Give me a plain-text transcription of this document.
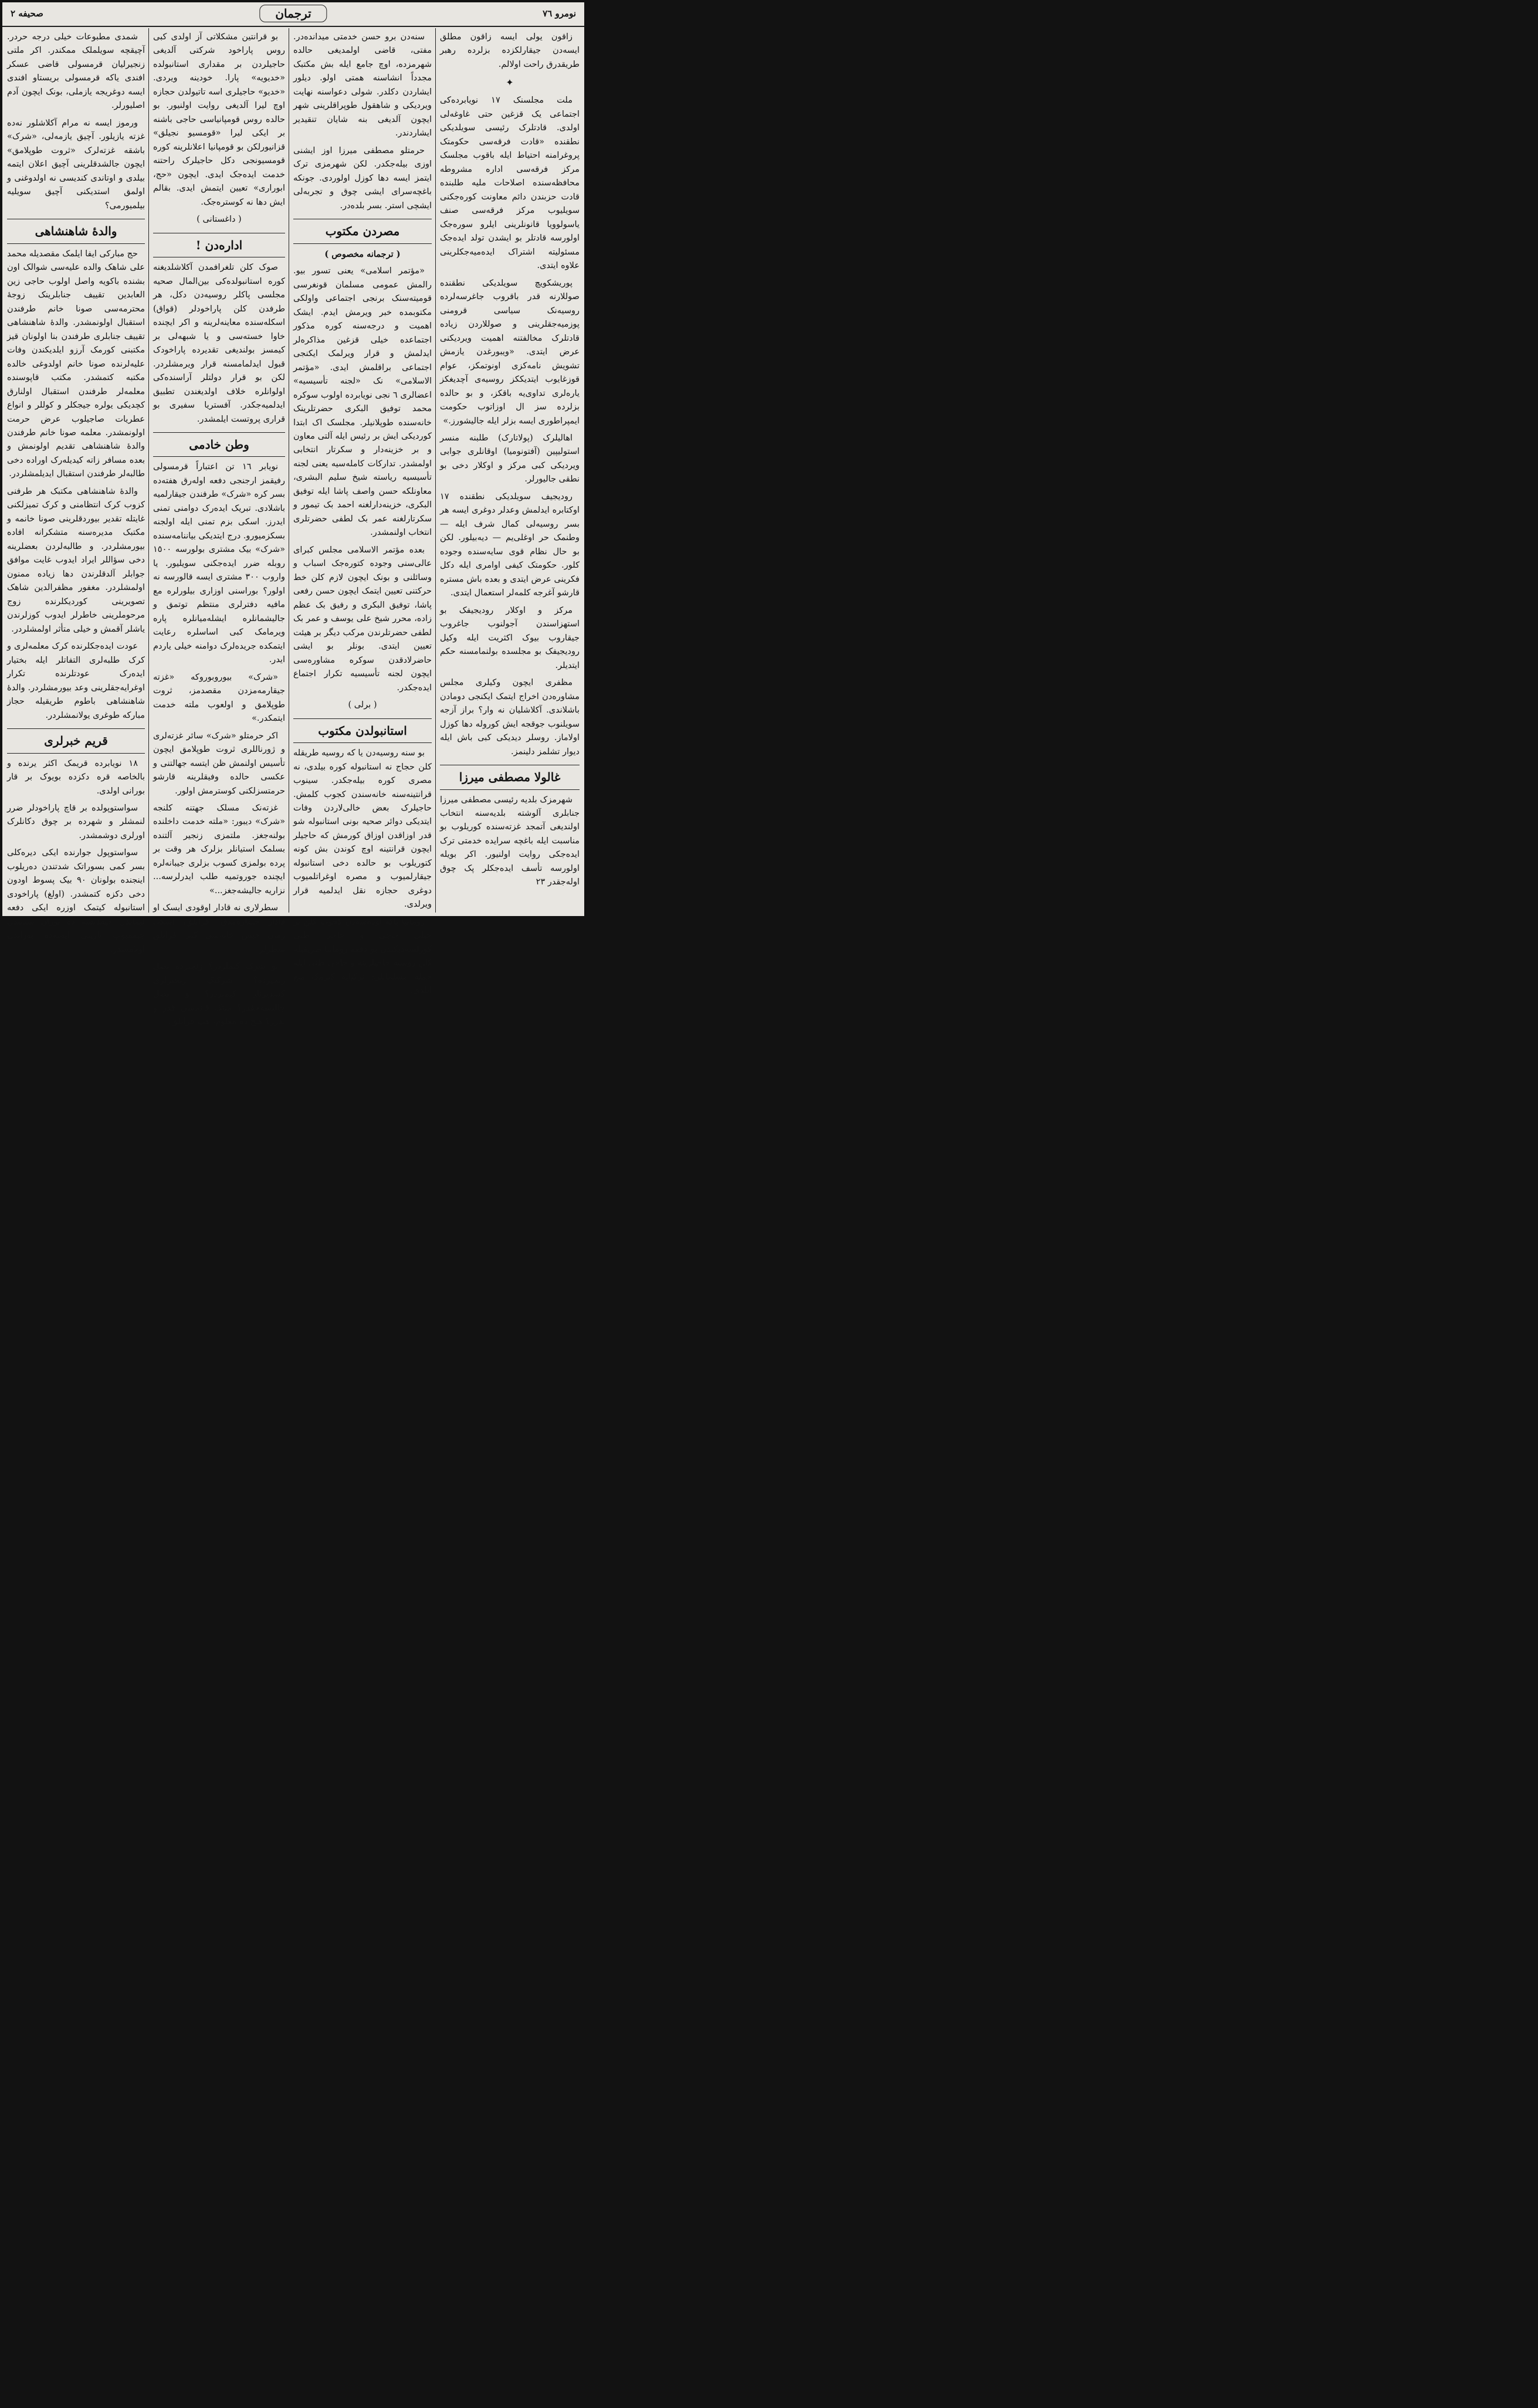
نومرو ٧٦
ترجمان
صحیفه ٢

زاقون یولی ایسه زاقون مطلق ایسه‌دن جیقارلکزده بزلرده رهبر طریقدرق راحت اولالم.

✦

ملت مجلسنک ١٧ نویابرده‌کی اجتماعی یک قزغین حتی غاوغه‌لی اولدی. قادتلرک رئیسی سویلدیکی نطقنده «قادت فرقه‌سی حکومتک پروغرامنه احتیاط ایله باقوب مجلسک مرکز فرقه‌سی اداره مشروطه محافظه‌سنده اصلاحات ملیه طلبنده قادت حزبندن دائم معاونت کوره‌جکنی سویلیوب مرکز فرقه‌سی صنف یاسولوویا قانونلرینی ایلرو سوره‌جک اولورسه قادتلر بو ایشدن تولد ایده‌جک مسئولیته اشتراک ایده‌میه‌جکلرینی علاوه ایتدی.

پوریشکویچ سویلدیکی نطقنده صوللارنه قدر باقروب جاغرسه‌لرده روسیه‌نک سیاسی قرومنی پوزمیه‌جقلرینی و صوللاردن زیاده قادتلرک مخالفتنه اهمیت ویردیکنی عرض ایتدی. «ویبورغدن یازمش تشویش نامه‌کزی اونوتمکز، عوام قوزغایوب ایتدیککز روسیه‌ی آچدیغکز یاره‌لری تداوی‌یه باقکز، و بو حالده بزلرده سز ال اوزاتوب حکومت ایمپراطوری ایسه بزلر ایله جالیشورز.»

اهالیلرک (پولاتارک) طلبنه منسر استولیپین (آفتونومیا) اوقانلری جوابی ویردیکی کبی مرکز و اوکلار دخی بو نطقی جالیورلر.

رودیجیف سویلدیکی نطقنده ١٧ اوکتابره ایدلمش وعدلر دوغری ایسه هر بسر روسیه‌لی کمال شرف ایله — وطنمک حر اوغلی‌یم — دیه‌بیلور. لکن بو حال نظام قوی سایه‌سنده وجوده کلور. حکومتک کیفی اوامری ایله دکل فکرینی عرض ایتدی و بعده باش مستره قارشو آغرجه کلمه‌لر استعمال ایتدی.

مرکز و اوکلار رودیجیفک بو استهزاسندن آجولنوب جاغروب جیقاروب بیوک اکثریت ایله وکیل رودیجیفک بو مجلسده بولنمامسنه حکم ایتدیلر.

مظفری ایچون وکیلری مجلس مشاوره‌دن اخراج ایتمک ایکنجی دومادن باشلاندی. آکلاشلیان نه وار؟ براز آزجه سویلنوب جوقجه ایش کوروله دها کوزل اولاماز. روسلر دیدیکی کبی باش ایله دیوار تشلمز دلینمز.

غالولا مصطفی میرزا

شهرمزک بلدیه رئیسی مصطفی میرزا جنابلری آلوشته بلدیه‌سنه انتخاب اولندیغی آتمجد غزته‌سنده کوریلوب بو مناسبت ایله باغچه سرایده خدمتی ترک ایده‌جکی روایت اولنیور. اکر بویله اولورسه تأسف ایده‌جکلر پک چوق اوله‌جقدر ٢٣

سنه‌دن برو حسن خدمتی میداندەدر. مفتی، قاضی اولمدیغی حالده شهرمزده، اوچ جامع ایله بش مکتبک مجدداً انشاسنه همتی اولو. دیلور ایشاردن دکلدر. شولی دعواسنه نهایت ویردیکی و شاهقول طوپراقلرینی شهر ایچون آلدیغی بنه شایان تنقیدیر ایشاردندر.

حرمتلو مصطفی میرزا اوز ایشنی اوزی بیله‌جکدر. لکن شهرمزی ترک ایتمز ایسه دها کوزل اولوردی. جونکه باغچه‌سرای ایشی چوق و تجربه‌لی ایشچی استر. بسر بلده‌در.

مصردن مکتوب
( ترجمانه مخصوص )

«مؤتمر اسلامی» یعنی تسور بیو. رالمش عمومی مسلمان قونغرسی قومیته‌سنک برنجی اجتماعی واولکی مکتوبمده خبر ویرمش ایدم. ایشک اهمیت و درجه‌سنه کوره مذکور اجتماعده خیلی قزغین مذاکره‌لر ایدلمش و قرار ویرلمک ایکنجی اجتماعی براقلمش ایدی. «مؤتمر الاسلامی» نک «لجنه تأسیسیه» اعضالری ٦ نجی نویابرده اولوب سوکره محمد توفیق البکری حضرتلرینک خانه‌سنده طوپلانیلر. مجلسک اک ابتدا کوردیکی ایش بر رئیس ایله آلتی معاون و بر خزینه‌دار و سکرتار انتخابی اولمشدر. تدارکات کامله‌سیه یعنی لجنه تأسیسیه ریاسته شیخ سلیم البشری، معاونلکه حسن واصف پاشا ایله توفیق البکری، خزینه‌دارلغنه احمد بک تیمور و سکرتارلغنه عمر بک لطفی حضرتلری انتخاب اولنمشدر.

بعده مؤتمر الاسلامی مجلس کبرای عالی‌سنی وجوده کتوره‌جک اسباب و وسائلنی و بونک ایچون لازم کلن خط حرکتنی تعیین ایتمک ایچون حسن رفعی پاشا، توفیق البکری و رفیق بک عظم زاده، محرر شیخ علی یوسف و عمر بک لطفی حضرتلرندن مرکب دیگر بر هیئت تعیین ایتدی. بونلر بو ایشی حاضرلادقدن سوکره مشاوره‌سی ایچون لجنه تأسیسیه تکرار اجتماع ایده‌جکدر.

( برلی )
استانبولدن مکتوب

بو سنه روسیه‌دن یا که روسیه طریقله کلن حجاج نه استانبوله کوره بیلدی، نه مصری کوره بیله‌جکدر. سینوب قرانتینه‌سنه خانه‌سندن کجوب کلمش. حاجیلرک بعض خالی‌لاردن وفات ایتدیکی دوائر صحیه بونی استانبوله شو قدر اوزاقدن اوزاق کورمش که حاجیلر ایچون قرانتینه اوچ کوندن بش کونه کتوریلوب بو حالده دخی استانبوله جیقارلمیوب و مصره اوغراتلمیوب دوغری حجازه نقل ایدلمیه قرار ویرلدی.

رومانیا یاکه آوده‌سه‌دن کجوب کلن بر خیلی حاجی و حاجی ظنی کورلسه‌دیکندن بو دفعه رومانیا طریقیله کلن روسیه حاجیلرینه و حاجی ظنی ایله جمله مسلمانلره ترکیایه کیرمک منع ایلدی.

بو قرانتین مشکلاتی آز اولدی کبی روس پاراخود شرکتی آلدیغی حاجیلردن بر مقداری استانبولده «خدیویه» پارا. خودینه ویردی. «خدیو» حاجیلری اسه تاتیولدن حجازه اوچ لیرا آلدیغی روایت اولنیور. بو حالده روس قومپانیاسی حاجی باشنه بر ایکی لیرا «قومسیو نجیلق» قزانیورلکن بو قومپانیا اعلانلرینه کوره قومسیونجی دکل حاجیلرک راحتنه خدمت ایده‌جک ایدی. ایچون «حج، ابوراری» تعیین ایتمش ایدی. بقالم ایش دها نه کوستره‌جک.

( داغستانی )
اداره‌دن !

صوک کلن تلغرافمدن آکلاشلدیغنه کوره استانبولده‌کی بین‌المال صحیه مجلسی پاکلر روسیه‌دن دکل، هر طرفدن کلن پاراخودلر (قواق) اسکله‌سنده معاینه‌لرینه و اکر ایچنده خاوا خسته‌سی و یا شبهه‌لی بر کیمسز بولندیغی تقدیرده پاراخودک قبول ایدلمامسنه قرار ویرمشلردر. لکن بو قرار دولتلر آراسنده‌کی اولوانلره خلاف اولدیغندن تطبیق ایدلمیه‌جکدر. آفستریا سفیری بو قراری پروتست ایلمشدر.

وطن خادمی

نویابر ١٦ تن اعتباراً قرمسولی رفیقمز ارجنجی دفعه اولەرق هفته‌ده بسر کره «شرک» طرفندن جیقارلمیه باشلادی. تبریک ایدەرک دوامنی تمنی ایدرز. اسکی بزم تمنی ایله اولجنه بسکزمیورو. درج ایتدیکی بیاننامه‌سنده «شرک» بیک مشتری بولورسه ١٥٠٠ روبله ضرر ایده‌جکنی سویلیور. یا واروب ٣٠٠ مشتری ایسه قالورسه نه اولور؟ بوراسنی اوزاری بیلورلره مع مافیه دفترلری منتظم توتمق و جالیشمانلره ایشله‌میانلره پاره ویرمامک کبی اساسلره رعایت ایتمکده جریده‌لرک دوامنه خیلی یاردم ایدر.

«شرک» بیوروبوروکه «غزته جیقارمه‌مزدن مقصدمز، ثروت طوپلامق و اولعوب ملته خدمت ایتمکدر.»

اکر حرمتلو «شرک» سائر غزته‌لری و ژورناللری ثروت طوپلامق ایچون تأسیس اولنمش ظن ایتسه جهالتنی و عکسی حالده وفیقلرینه قارشو حرمتسزلکنی کوسترمش اولور.

غزته‌نک مسلک جهتنه کلنجه «شرک» دیبور: «ملته خدمت داخلنده بولنه‌جغز. ملتمزی زنجیر آلتنده بسلمک استیانلر بزلرک هر وقت بر پرده بولمزی کسوب بزلری جیبانه‌لره ایچنده جوروتمیه طلب ایدرلرسه... نزاریه جالیشه‌جغز...»

سطرلاری نه قادار اوقودی ایسک او قادار جیقارەمدق. قرانلق، اسکی زمان حبس خانه‌سی کبی قرانلق سطرلر.

بو شرک کیملردر؟ زنجیرده نصل زنجیرده؟ شرکتک زنجیرلری کسدیرنلر کیملردر؟ و نصل جالیشه‌جقدر؟ ملتک قانمسی قدر و ندرر؟ هیچ ده معلوم، هپ قرانلق.

شمدی مطبوعات خیلی درجه حردر. آچیقچه سویلملک ممکندر. اکر ملتی زنجیرلیان قرمسولی قاضی عسکر افندی یاکه قرمسولی بریستاو افندی ایسه دوغریجه یازملی، بونک ایچون آدم اصلیورلر.

ورموز ایسه نه مرام آکلاشلور نه‌ده غزته یازیلور. آچیق یازمه‌لی، «شرک» باشقه غزته‌لرک «ثروت طوپلامق» ایچون جالشدقلرینی آچیق اعلان ایتمه بیلدی و اوتاندی کندیسی نه اولدوغنی و اولمق استدیکنی آچیق سویلیه بیلمیورمی؟

والدۀ شاهنشاهی

حج مبارکی ایفا ایلمک مقصدیله محمد علی شاهک والده علیه‌سی شوالک اون بشنده باکویه واصل اولوب حاجی زین العابدین تقییف جنابلرینک زوجۀ محترمه‌سی صونا خانم طرفندن استقبال اولونمشدر. والدۀ شاهنشاهی تقییف جنابلری طرفندن بنا اولونان قیز مکتبنی کورمک آرزو ایلدیکندن وفات علیه‌لرنده صونا خانم اولدوغی خالده مکتبه کتمشدر. مکتب قاپوسنده معلمه‌لر طرفندن استقبال اولنارق کچدیکی یولره جیجکلر و کوللر و انواع عطریات صاجیلوب عرض حرمت اولونمشدر. معلمه صونا خانم طرفندن والدۀ شاهنشاهی تقدیم اولونمش و بعده مسافر زاته کیدیلەرک اوراده دخی طالبه‌لر طرفندن استقبال ایدیلمشلردر.

والدۀ شاهنشاهی مکتبک هر طرفنی کزوب کرک انتظامنی و کرک تمیزلکنی غایتله تقدیر بیوردقلرینی صونا خانمه و مکتبک مدیره‌سنه متشکرانه افاده بیورمشلردر. و طالبه‌لردن بعضلرینه دخی سؤاللر ایراد ایدوب غایت موافق جوابلر آلدقلرندن دها زیاده ممنون اولمشلردر. مغفور مظفرالدین شاهک تصویرینی کوردیکلرنده زوج مرحوملرینی خاطرلر ایدوب کوزلرندن یاشلر آقمش و خیلی متأثر اولمشلردر.

عودت ایده‌جکلرنده کرک معلمه‌لری و کرک طلبه‌لری التفاتلر ایله بختیار ایدەرک عودتلرنده تکرار اوغرایه‌جقلرینی وعد بیورمشلردر. والدۀ شاهنشاهی باطوم طریقیله حجاز مبارکه طوغری یولا‌نمشلردر.

قریم خبرلری

١٨ نویابرده قریمک اکثر یرنده و بالخاصه قره دکزده بویوک بر قار بورانی اولدی.

سواستوپولده بر قاچ پاراخودلر ضرر لنمشلر و شهرده بر چوق دکانلرک اورلری دوشمشدر.

سواستوپول جوارنده ایکی دیرەکلی بسر کمی بسوراتک شدتندن دەریلوب اینجنده بولونان ٩٠ بیک پسوط اودون دخی دکزه کتمشدر. (اولغ) پاراخودی استانبوله کیتمک اوزره ایکی دفعه لیماندن جیقدیسه ده بوران شدتندن جیقمیوب یازیلی ایسه‌ده بوراندن اولامشدر.
